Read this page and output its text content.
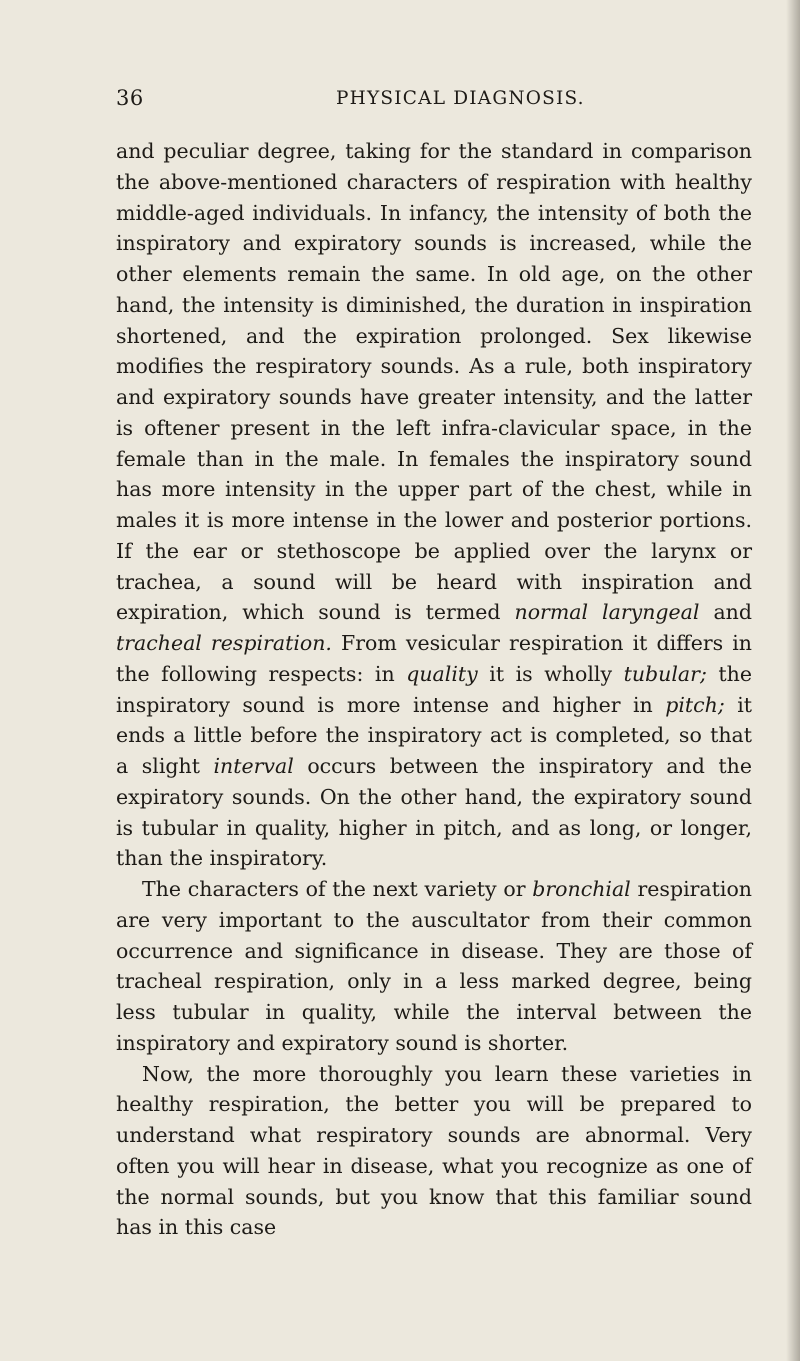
36	PHYSICAL DIAGNOSIS.

and peculiar degree, taking for the standard in comparison the above-mentioned characters of respiration with healthy middle-aged individuals. In infancy, the intensity of both the inspiratory and expiratory sounds is increased, while the other elements remain the same. In old age, on the other hand, the intensity is diminished, the duration in inspiration shortened, and the expiration prolonged. Sex likewise modifies the respiratory sounds. As a rule, both inspiratory and expiratory sounds have greater intensity, and the latter is oftener present in the left infra-clavicular space, in the female than in the male. In females the inspiratory sound has more intensity in the upper part of the chest, while in males it is more intense in the lower and posterior portions. If the ear or stethoscope be applied over the larynx or trachea, a sound will be heard with inspiration and expiration, which sound is termed normal laryngeal and tracheal respiration. From vesicular respiration it differs in the following respects: in quality it is wholly tubular; the inspiratory sound is more intense and higher in pitch; it ends a little before the inspiratory act is completed, so that a slight interval occurs between the inspiratory and the expiratory sounds. On the other hand, the expiratory sound is tubular in quality, higher in pitch, and as long, or longer, than the inspiratory.

The characters of the next variety or bronchial respiration are very important to the auscultator from their common occurrence and significance in disease. They are those of tracheal respiration, only in a less marked degree, being less tubular in quality, while the interval between the inspiratory and expiratory sound is shorter.

Now, the more thoroughly you learn these varieties in healthy respiration, the better you will be prepared to understand what respiratory sounds are abnormal. Very often you will hear in disease, what you recognize as one of the normal sounds, but you know that this familiar sound has in this case
